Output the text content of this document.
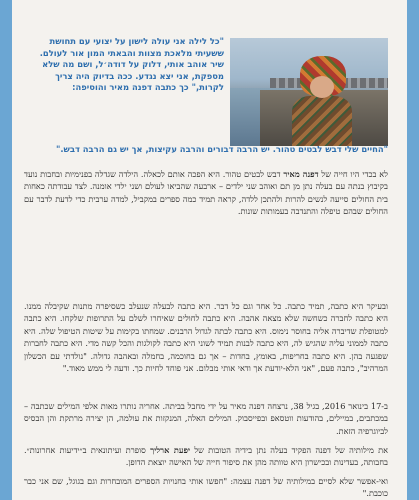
"כל לילה אני עולה לישון על יצועי עם תחושת ששעיתי מלאכת מצוות והבאתי המון אור לעולם. שיר אוהב אותי, דלוק על דודה׳ל, ושם מה שלא מספקת, אני יצא נגדע. ככה בדיוק היה צריך לקרות," כך כתבה דפנה מאיר והוסיפה:
"החיים שלי דבש לבטים טהור. יש הרבה דבורים והרבה עקיצות, אך יש גם הרבה דבש."
לא בכדי היו חייה של דפנה מאיר דבש לבטים טהור. היא הפכה אותם לכאלה. הילדה שגדלה בפנימיות ובחבות נועד בקיבוץ בנתה עם בעלה נתן מן תם ואוהב שני ילדים – ארבעה שהביאו לעולם ושני ילדי אומנה. לצד עבודתה כאחות בית החולים סייעה לנשים להרות ולהתכן ללדה, קראה תמיד כמה ספרים במקביל, למדה ערבית כדי לדעת לדבר עם החולים שבהם טיפלה והתנדבה בעמותות שונות.
ובעיקר היא כתבה, תמיד כתבה. כל אחד וגם כל דבר. היא כתבה לבעלה שנעלב כשסיפרה מתנות שקיבלה ממנו. היא כתבה לחברה כשחשה שלא מצאה אהבה. היא כתבה לחולים שאיחרו לשלם על התרופות שלקחו. היא כתבה למטופלת שדיברה אליה בחוסר נימוס. היא כתבה לבתה לגדול הרבנים. שמחתו בקימות על שיטות הטיפול שלה. היא כתבה לממוני עליה שהגיש לה, היא כתבה לבנות תמיד לשוני היא כתבה לקולגות והכל קשה מדי. היא כתבה לחברות שפגעה בהן. היא כתבה בחריפות, באומץ, בחדות – אך גם בחוכמה, בחמלה ובאהבה גדולה. "נולדתי עם הכשלון המרהיב", כתבה פעם, "אני הלא-יודעת אך ודאי אותי מבלום. אני פוחד לחיות כך. ודעה לי ממש מאוד."
ב-17 בינואר 2016, בגיל 38, נרצחה דפנה מאיר על ידי מחבל בביתה. אחריה נותרו מאות אלפי המילים שכתבה – במכתבים, במיילים, בהודעות ווטסאפ ובפייסבוק. המילים האלה, המנקזות את עולמה, הן יצירה מרתקת והן הבסיס לביוגרפיה הזאת.
את מילותיה של דפנה הפקיד בעלה נתן בידיה הטובות של יפעת ארליך סופרת ועיתונאית ב״ידיעות אחרונות״. בחבותה, בעדינות ובכישרון היא טוותה מהן את סיפור חייה של האישה יוצאת הדופן.
ואי-אפשר שלא לסיים במילותיה של דפנה עצמה: "חפשו אותי בחנויות הספרים המובחרות וגם בגוגל, שם אני כבר כוכבת."
